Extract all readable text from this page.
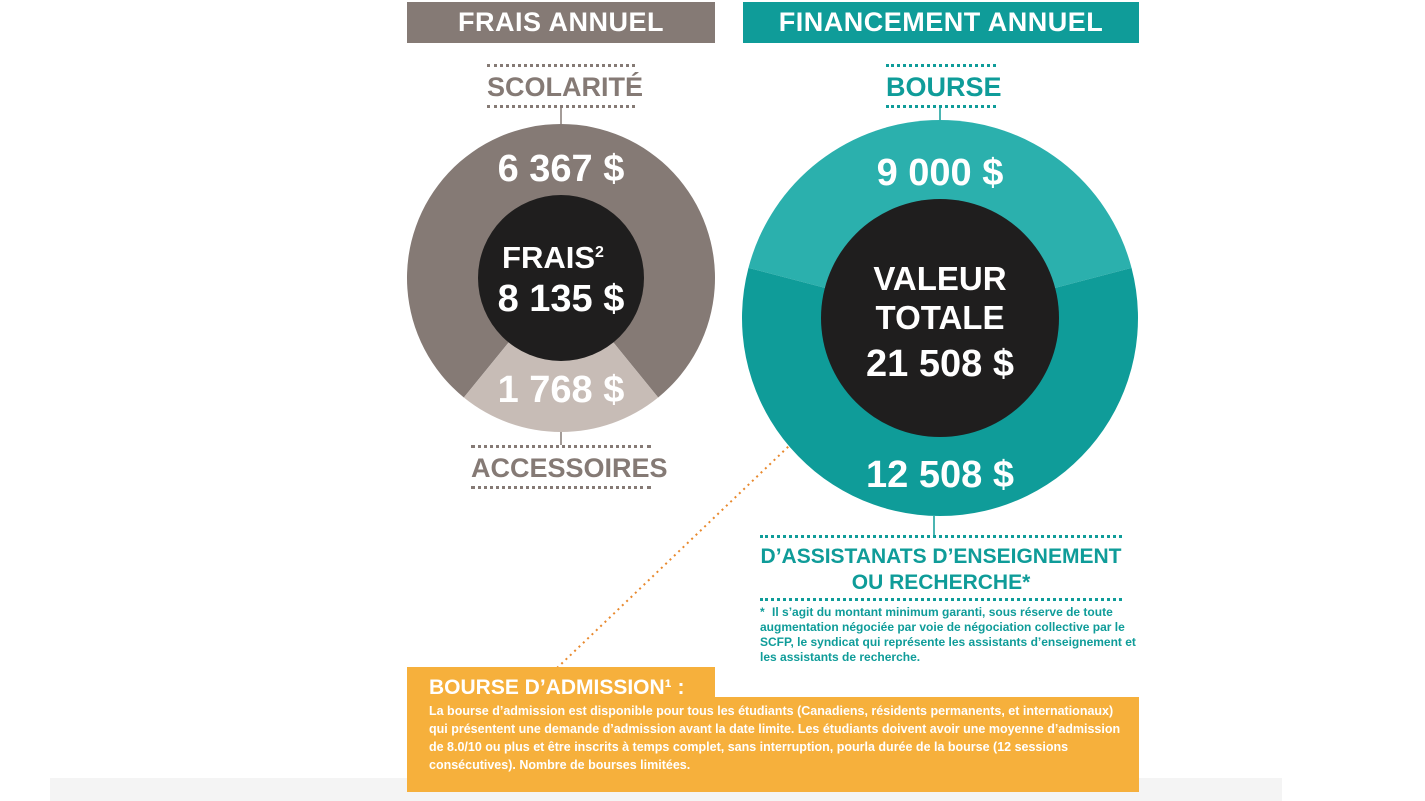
FRAIS ANNUEL	FINANCEMENT ANNUEL
SCOLARITÉ
ACCESSOIRES
BOURSE
D’ASSISTANATS D’ENSEIGNEMENT
OU RECHERCHE*
6 367 $
1 768 $
FRAIS$^2$
8 135 $
9 000 $
12 508 $
VALEUR
TOTALE
21 508 $
* Il s’agit du montant minimum garanti, sous réserve de toute augmentation négociée par voie de négociation collective par le SCFP, le syndicat qui représente les assistants d’enseignement et les assistants de recherche.
BOURSE D’ADMISSION¹ :
La bourse d’admission est disponible pour tous les étudiants (Canadiens, résidents permanents, et internationaux) qui présentent une demande d’admission avant la date limite. Les étudiants doivent avoir une moyenne d’admission de 8.0/10 ou plus et être inscrits à temps complet, sans interruption, pourla durée de la bourse (12 sessions consécutives). Nombre de bourses limitées.
